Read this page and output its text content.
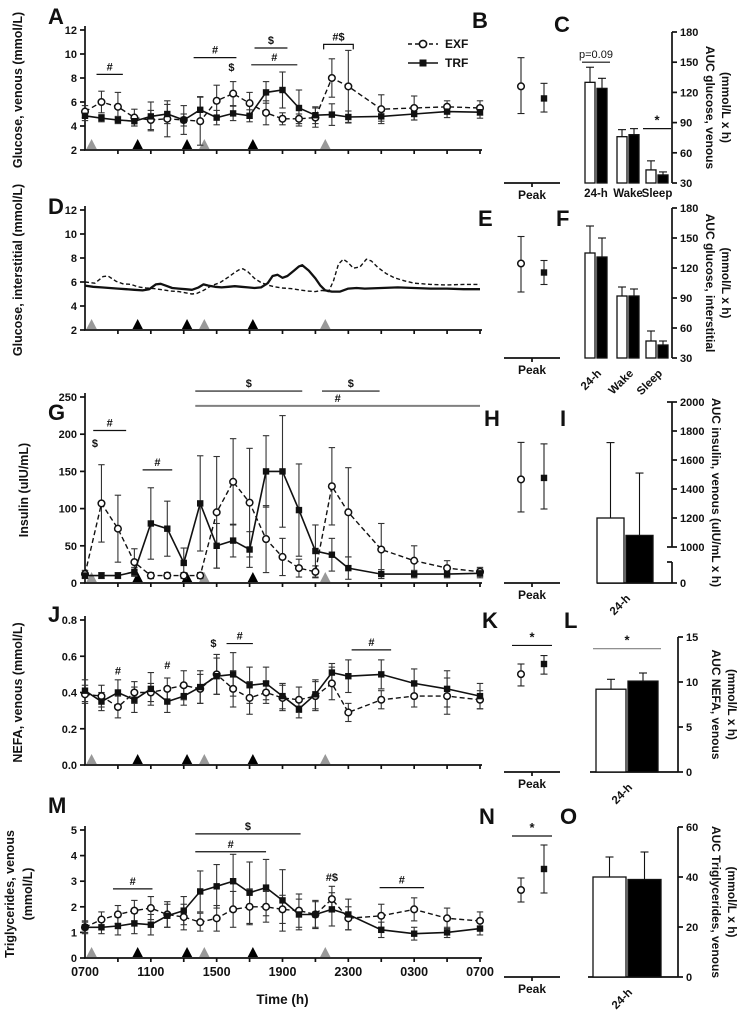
2
4
6
8
10
12
#
#
$
$
#
#$
Glucose, venous (mmol/L)
Peak
30
60
90
120
150
180
24-h Wake
Sleep
p=0.09
*	AUC glucose, venous (mmol/L x h)
2
4
6
8
10
12
Glucose, interstitial (mmol/L)
Peak
30
60
90
120
150
180
24-h Wake
Sleep
AUC glucose, interstitial (mmol/L x h)
0
50
100
150
200
250
$
#
#
$
#
$
Insulin (uIU/mL)
Peak
0
1000
1200
1400
1600
1800
2000
24-h
AUC insulin, venous (uIU/mL x h)
0.0
0.2
0.4
0.6
0.8
#	#
$
#
#
NEFA, venous (mmol/L)	*
Peak
0
5
10
15
24-h
*
AUC NEFA, venous (mmol/L x h)
0
1
2
3
4
5
#
#
$
#$	#
Triglycerides, venous (mmol/L)
0700	1100	1500	1900	2300	0300	0700
Time (h)
*
Peak
0
20
40
60
24-h
AUC Triglycerides, venous (mmol/L x h)
A	B	C
D	E	F
G	H	I
J	K	L
M	N	O
EXF
TRF
